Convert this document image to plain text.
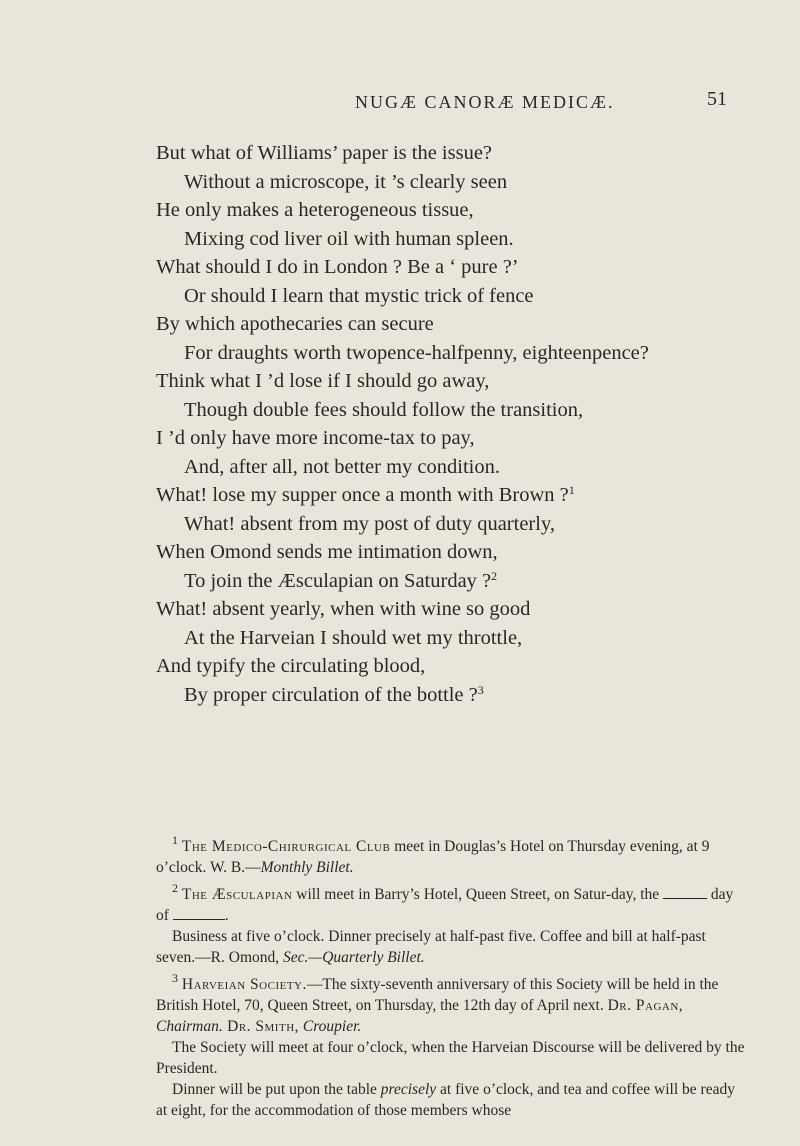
NUGÆ CANORÆ MEDICÆ.	51
But what of Williams’ paper is the issue?
Without a microscope, it ’s clearly seen
He only makes a heterogeneous tissue,
Mixing cod liver oil with human spleen.
What should I do in London ? Be a ‘ pure ?’
Or should I learn that mystic trick of fence
By which apothecaries can secure
For draughts worth twopence-halfpenny, eighteenpence?
Think what I ’d lose if I should go away,
Though double fees should follow the transition,
I ’d only have more income-tax to pay,
And, after all, not better my condition.
What! lose my supper once a month with Brown ?$^1$
What! absent from my post of duty quarterly,
When Omond sends me intimation down,
To join the Æsculapian on Saturday ?$^2$
What! absent yearly, when with wine so good
At the Harveian I should wet my throttle,
And typify the circulating blood,
By proper circulation of the bottle ?$^3$
$^1$ The Medico-Chirurgical Club meet in Douglas’s Hotel on Thursday evening, at 9 o’clock. W. B.—Monthly Billet.

$^2$ The Æsculapian will meet in Barry’s Hotel, Queen Street, on Satur-day, the	day of	.

Business at five o’clock. Dinner precisely at half-past five. Coffee and bill at half-past seven.—R. Omond, Sec.—Quarterly Billet.

$^3$ Harveian Society.—The sixty-seventh anniversary of this Society will be held in the British Hotel, 70, Queen Street, on Thursday, the 12th day of April next. Dr. Pagan, Chairman. Dr. Smith, Croupier.

The Society will meet at four o’clock, when the Harveian Discourse will be delivered by the President.

Dinner will be put upon the table precisely at five o’clock, and tea and coffee will be ready at eight, for the accommodation of those members whose
